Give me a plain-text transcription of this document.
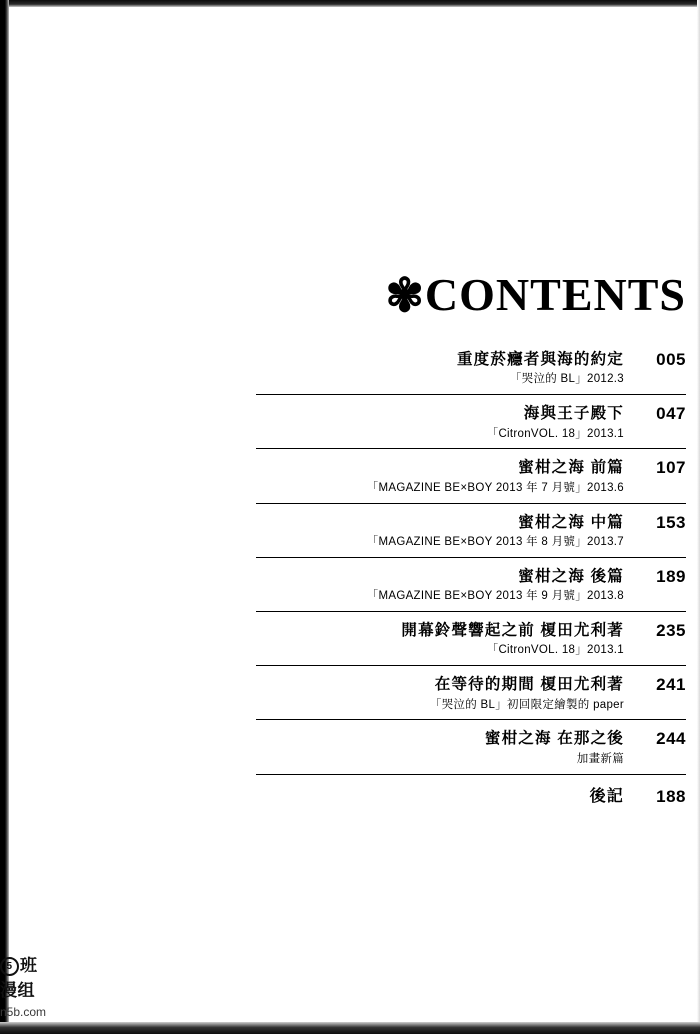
✾CONTENTS
重度菸癮者與海的約定	005
「哭泣的 BL」2012.3
海與王子殿下	047
「CitronVOL. 18」2013.1
蜜柑之海 前篇	107
「MAGAZINE BE×BOY 2013 年 7 月號」2013.6
蜜柑之海 中篇	153
「MAGAZINE BE×BOY 2013 年 8 月號」2013.7
蜜柑之海 後篇	189
「MAGAZINE BE×BOY 2013 年 9 月號」2013.8
開幕鈴聲響起之前 榎田尤利著	235
「CitronVOL. 18」2013.1
在等待的期間 榎田尤利著	241
「哭泣的 BL」初回限定繪製的 paper
蜜柑之海 在那之後	244
加畫新篇
後記	188
5 班
漫组
n5b.com
